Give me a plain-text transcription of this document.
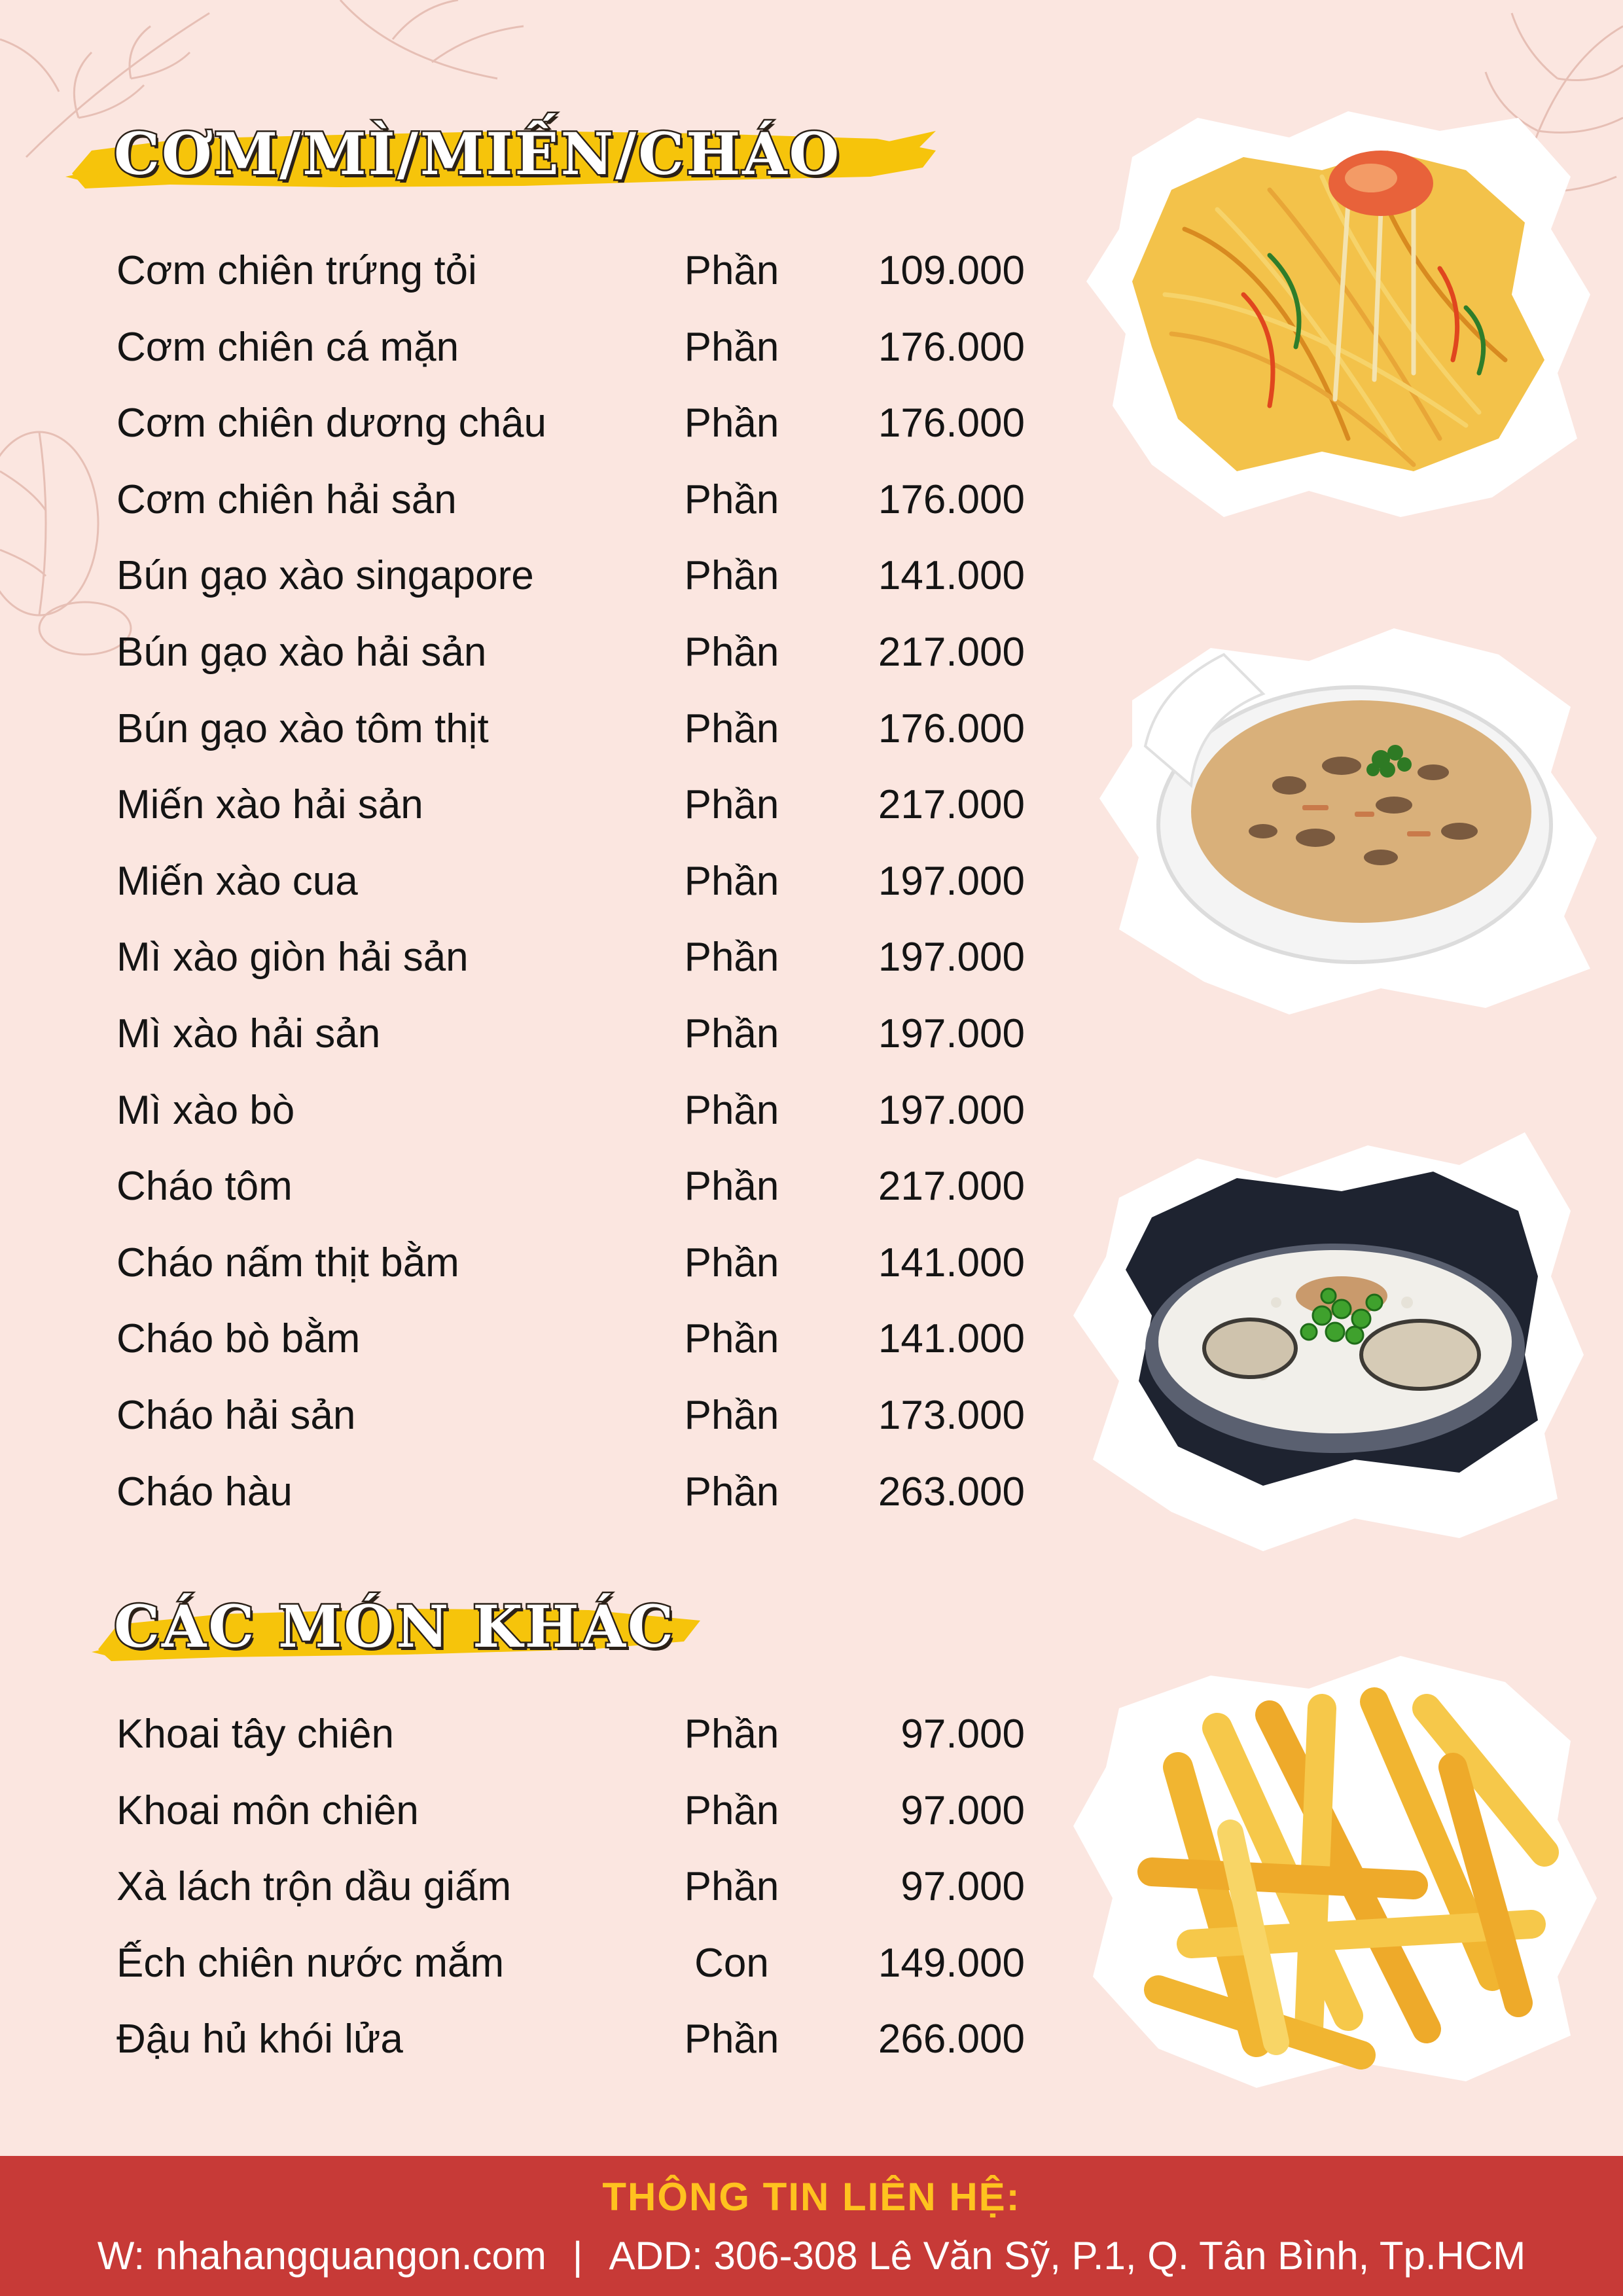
CƠM/MÌ/MIẾN/CHÁO
Cơm chiên trứng tỏi	Phần 109.000
Cơm chiên cá mặn	Phần 176.000
Cơm chiên dương châu	Phần 176.000
Cơm chiên hải sản	Phần 176.000
Bún gạo xào singapore	Phần 141.000
Bún gạo xào hải sản	Phần 217.000
Bún gạo xào tôm thịt	Phần 176.000
Miến xào hải sản	Phần 217.000
Miến xào cua	Phần 197.000
Mì xào giòn hải sản	Phần 197.000
Mì xào hải sản	Phần 197.000
Mì xào bò	Phần 197.000
Cháo tôm	Phần 217.000
Cháo nấm thịt bằm	Phần 141.000
Cháo bò bằm	Phần 141.000
Cháo hải sản	Phần 173.000
Cháo hàu	Phần 263.000
CÁC MÓN KHÁC
Khoai tây chiên	Phần	97.000
Khoai môn chiên	Phần	97.000
Xà lách trộn dầu giấm	Phần	97.000
Ếch chiên nước mắm	Con	149.000
Đậu hủ khói lửa	Phần 266.000
THÔNG TIN LIÊN HỆ:
W: nhahangquangon.com | ADD: 306-308 Lê Văn Sỹ, P.1, Q. Tân Bình, Tp.HCM
